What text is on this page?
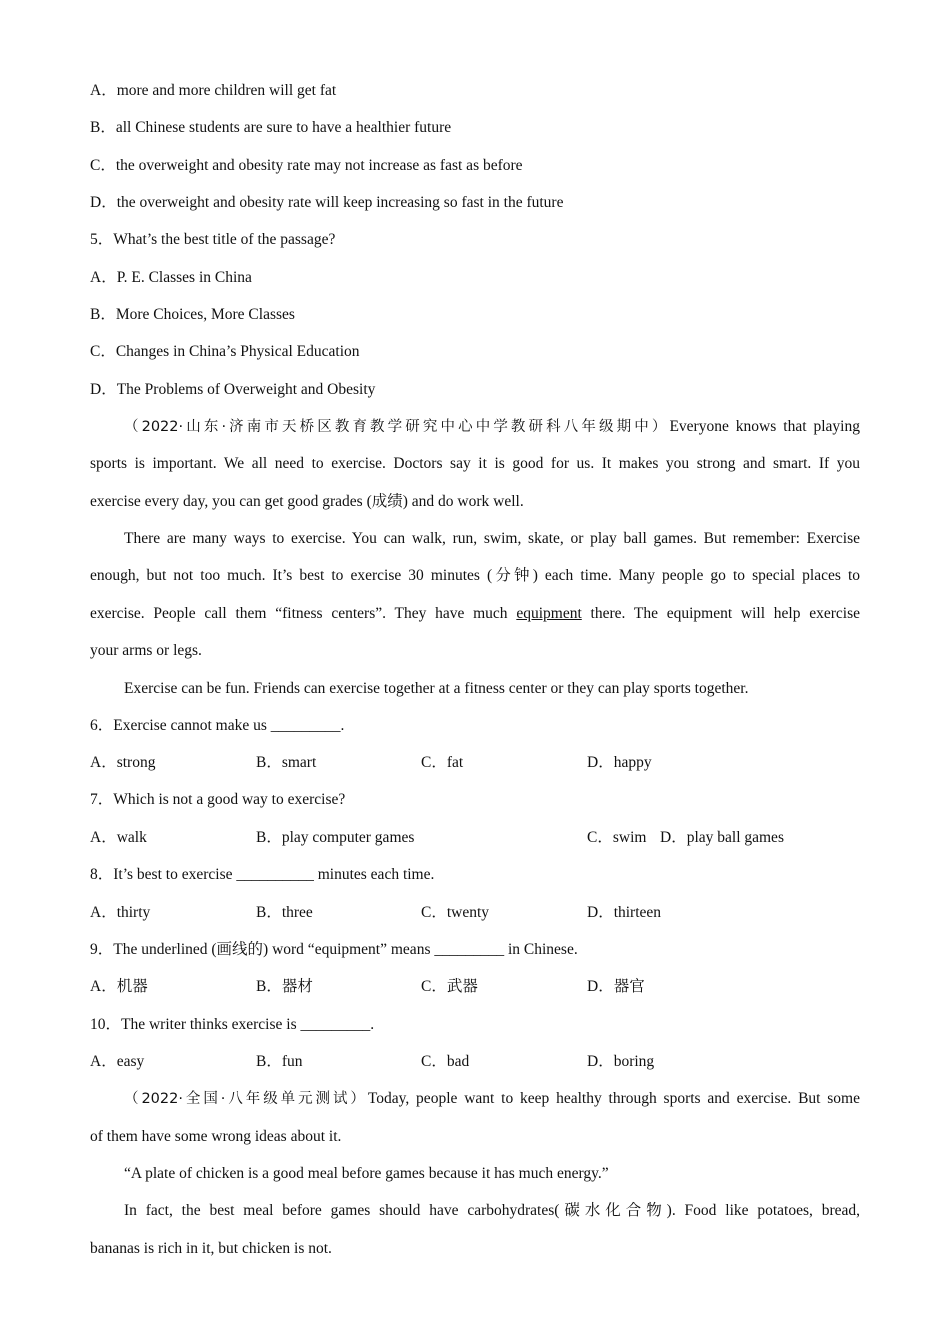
A．more and more children will get fat
B．all Chinese students are sure to have a healthier future
C．the overweight and obesity rate may not increase as fast as before
D．the overweight and obesity rate will keep increasing so fast in the future
5．What’s the best title of the passage?
A．P. E. Classes in China
B．More Choices, More Classes
C．Changes in China’s Physical Education
D．The Problems of Overweight and Obesity
（2022·山东·济南市天桥区教育教学研究中心中学教研科八年级期中）Everyone knows that playing
sports is important. We all need to exercise. Doctors say it is good for us. It makes you strong and smart. If you
exercise every day, you can get good grades (成绩) and do work well.
There are many ways to exercise. You can walk, run, swim, skate, or play ball games. But remember: Exercise
enough, but not too much. It’s best to exercise 30 minutes (分钟) each time. Many people go to special places to
exercise. People call them “fitness centers”. They have much equipment there. The equipment will help exercise
your arms or legs.
Exercise can be fun. Friends can exercise together at a fitness center or they can play sports together.
6．Exercise cannot make us _________.
A．strong	B．smart	C．fat	D．happy
7．Which is not a good way to exercise?
A．walk	B．play computer games	C．swim D．play ball games
8．It’s best to exercise __________ minutes each time.
A．thirty	B．three	C．twenty	D．thirteen
9．The underlined (画线的) word “equipment” means _________ in Chinese.
A．机器	B．器材	C．武器	D．器官
10．The writer thinks exercise is _________.
A．easy	B．fun	C．bad	D．boring
（2022·全国·八年级单元测试）Today, people want to keep healthy through sports and exercise. But some
of them have some wrong ideas about it.
“A plate of chicken is a good meal before games because it has much energy.”
In fact, the best meal before games should have carbohydrates(碳水化合物). Food like potatoes, bread,
bananas is rich in it, but chicken is not.
